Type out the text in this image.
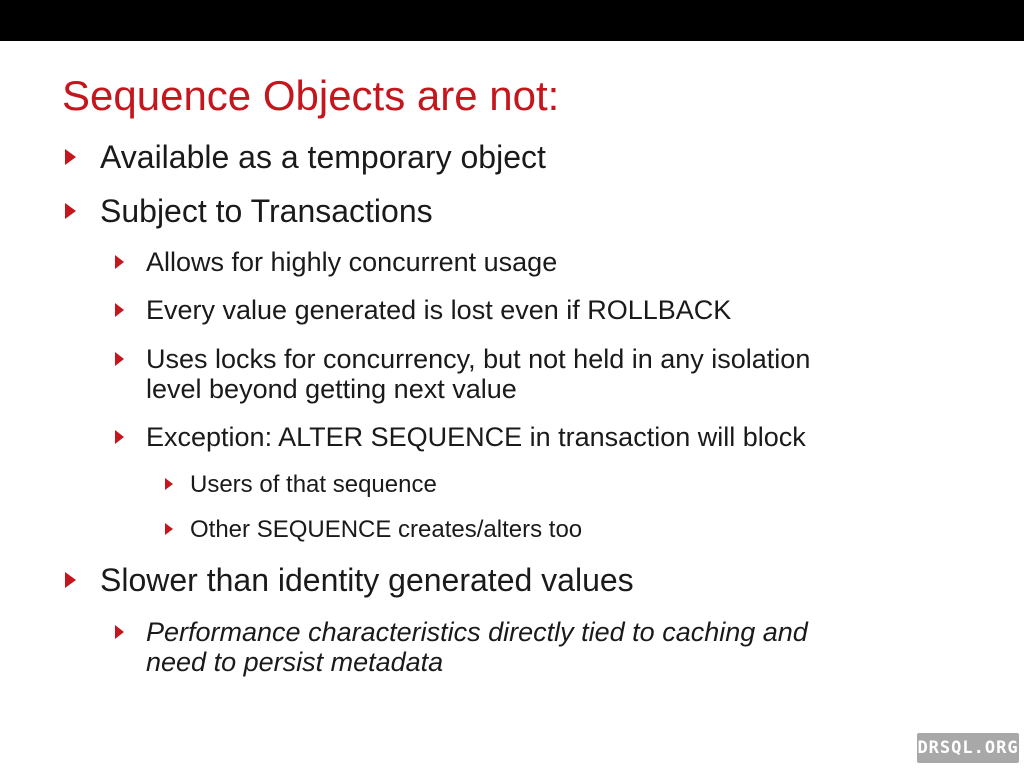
Sequence Objects are not:
Available as a temporary object
Subject to Transactions
Allows for highly concurrent usage
Every value generated is lost even if ROLLBACK
Uses locks for concurrency, but not held in any isolation
level beyond getting next value
Exception: ALTER SEQUENCE in transaction will block
Users of that sequence
Other SEQUENCE creates/alters too
Slower than identity generated values
Performance characteristics directly tied to caching and
need to persist metadata
DRSQL.ORG
